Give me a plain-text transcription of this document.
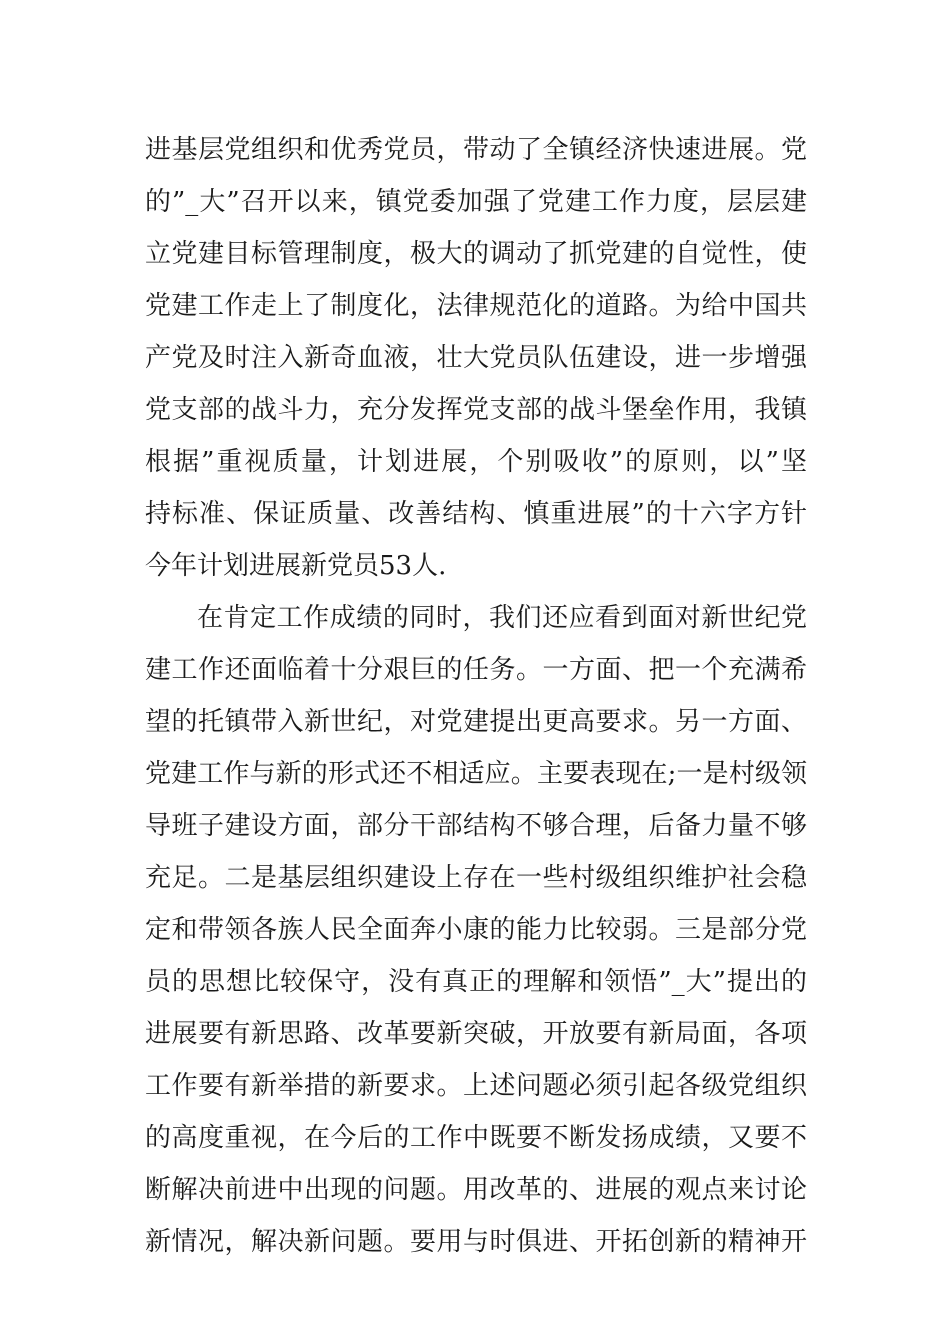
进基层党组织和优秀党员，带动了全镇经济快速进展。党
的”_大”召开以来，镇党委加强了党建工作力度，层层建
立党建目标管理制度，极大的调动了抓党建的自觉性，使
党建工作走上了制度化，法律规范化的道路。为给中国共
产党及时注入新奇血液，壮大党员队伍建设，进一步增强
党支部的战斗力，充分发挥党支部的战斗堡垒作用，我镇
根据”重视质量，计划进展，个别吸收”的原则，以”坚
持标准、保证质量、改善结构、慎重进展”的十六字方针
今年计划进展新党员53人.
在肯定工作成绩的同时，我们还应看到面对新世纪党
建工作还面临着十分艰巨的任务。一方面、把一个充满希
望的托镇带入新世纪，对党建提出更高要求。另一方面、
党建工作与新的形式还不相适应。主要表现在;一是村级领
导班子建设方面，部分干部结构不够合理，后备力量不够
充足。二是基层组织建设上存在一些村级组织维护社会稳
定和带领各族人民全面奔小康的能力比较弱。三是部分党
员的思想比较保守，没有真正的理解和领悟”_大”提出的
进展要有新思路、改革要新突破，开放要有新局面，各项
工作要有新举措的新要求。上述问题必须引起各级党组织
的高度重视，在今后的工作中既要不断发扬成绩，又要不
断解决前进中出现的问题。用改革的、进展的观点来讨论
新情况，解决新问题。要用与时俱进、开拓创新的精神开
